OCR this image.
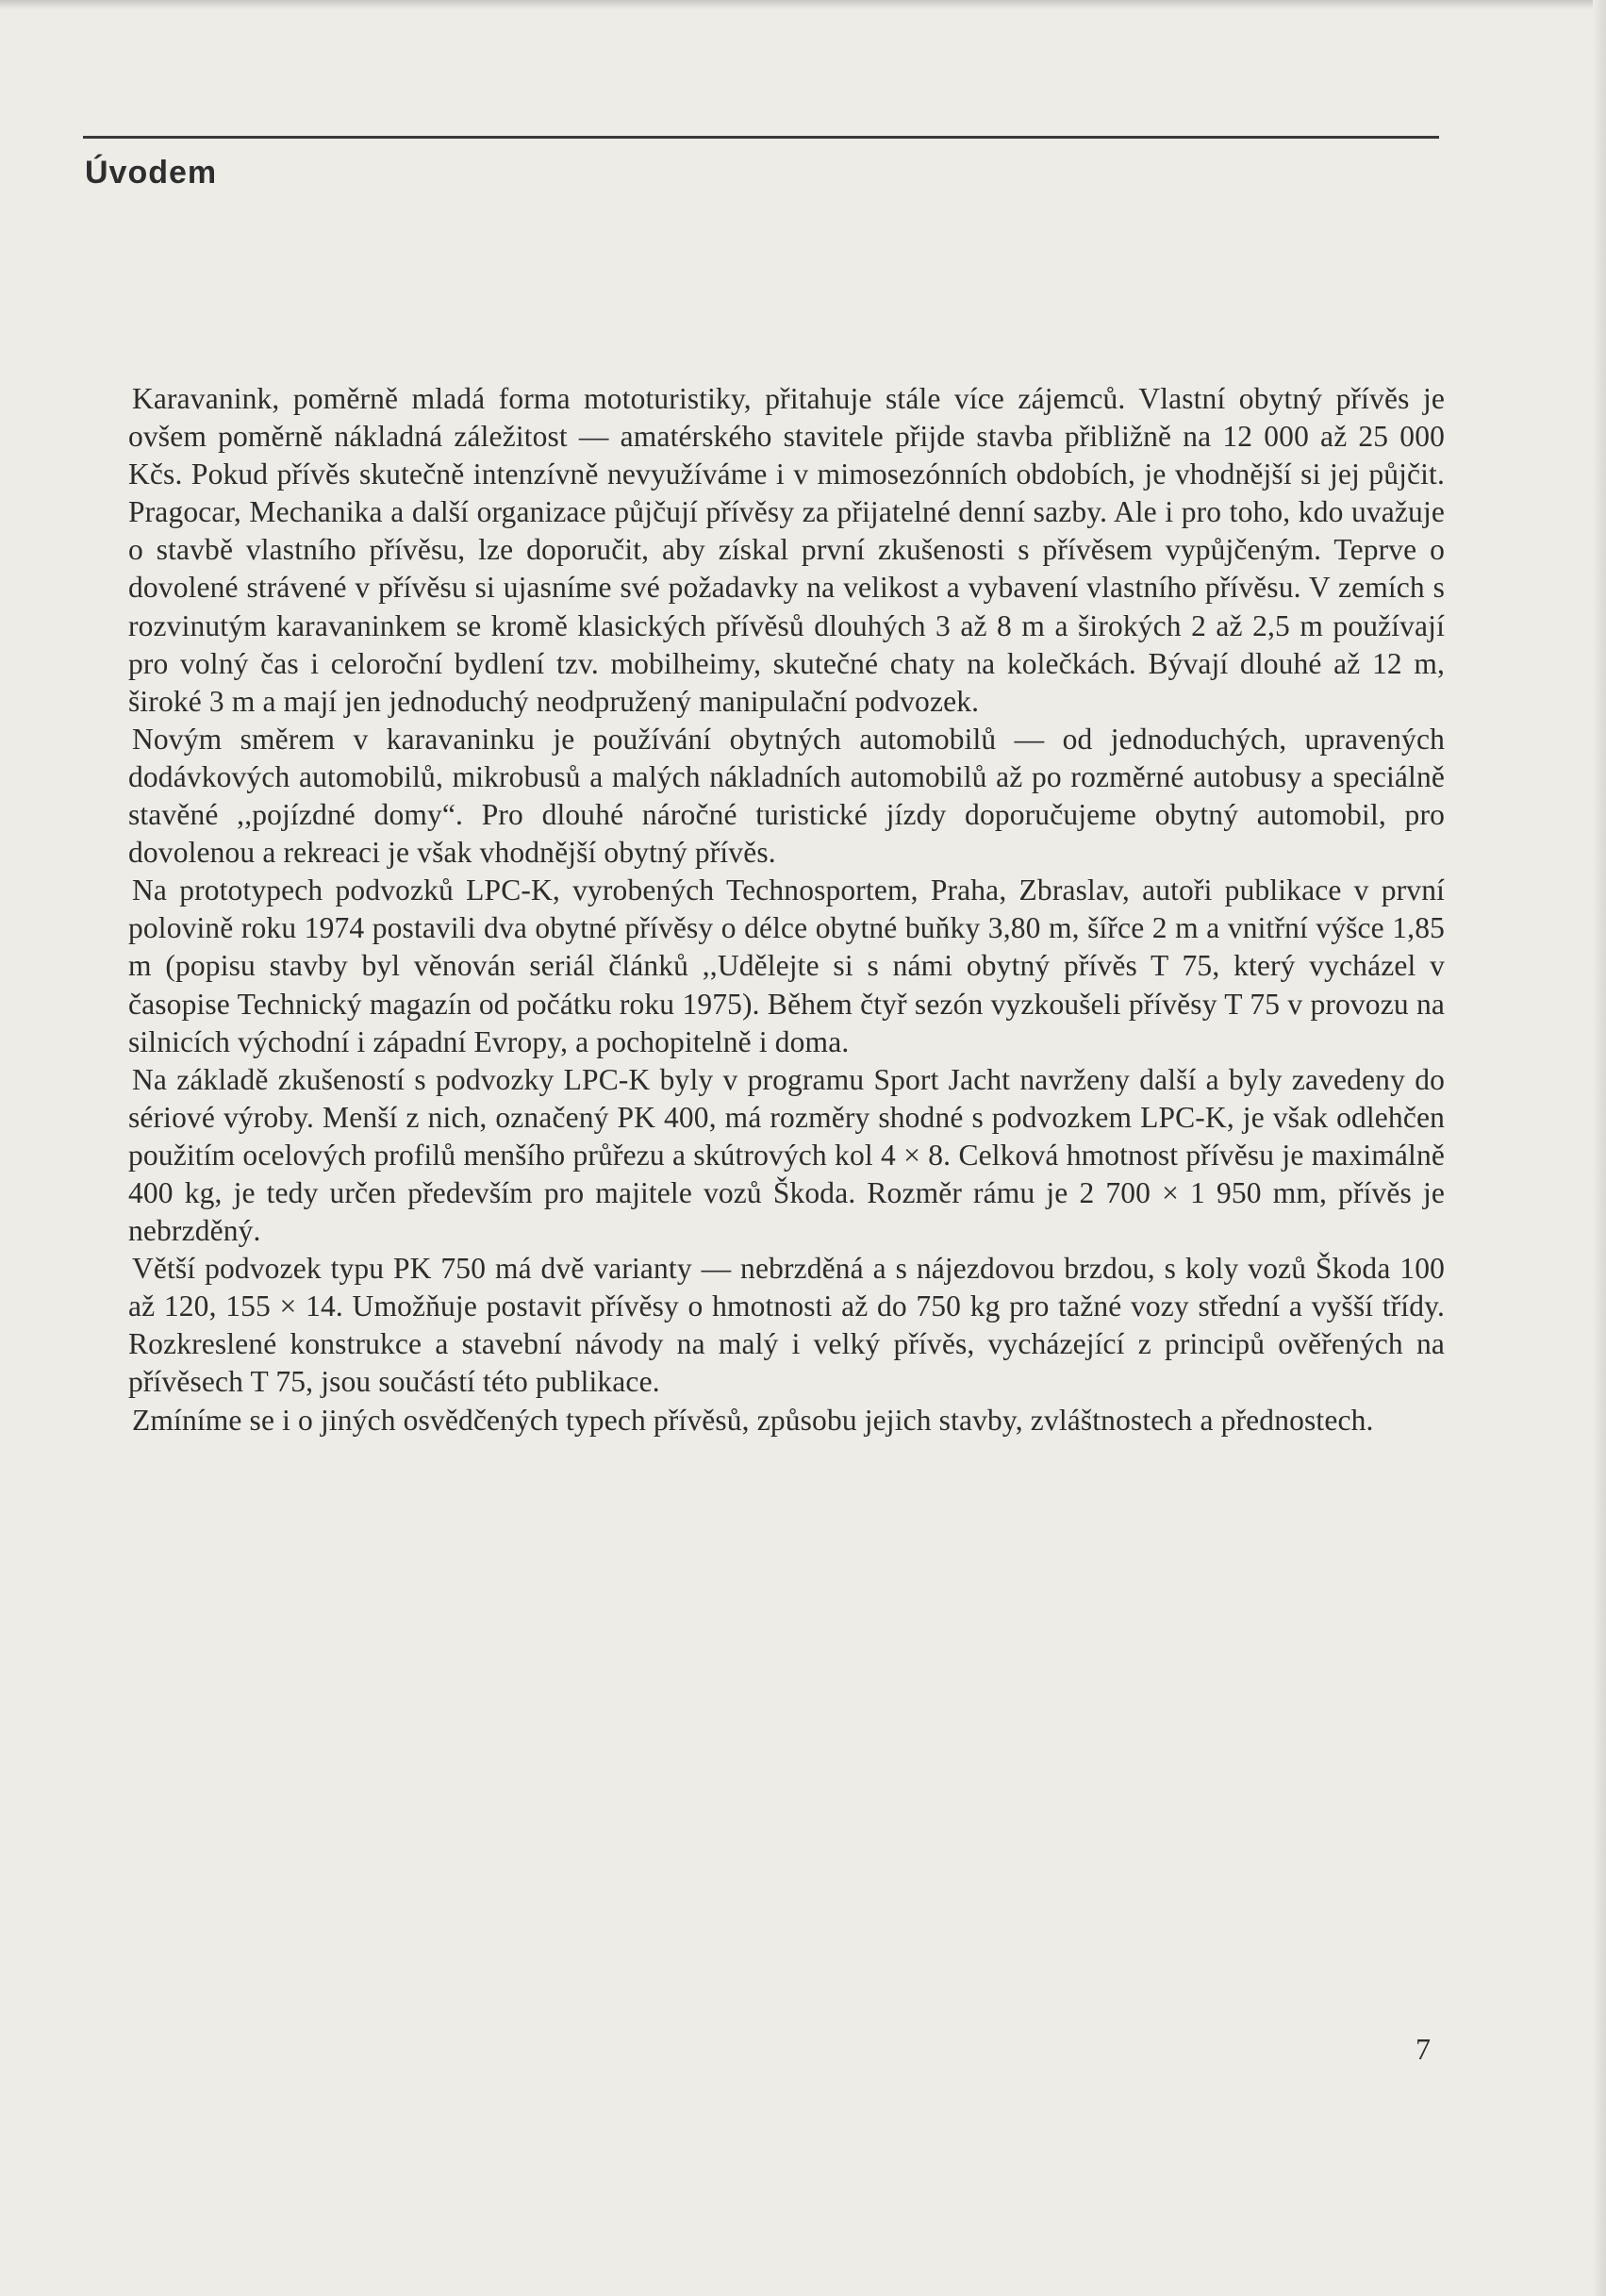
Úvodem

Karavanink, poměrně mladá forma mototuristiky, přitahuje stále více zájemců. Vlastní obytný přívěs je ovšem poměrně nákladná záležitost — amatérského stavitele přijde stavba přibližně na 12 000 až 25 000 Kčs. Pokud přívěs skutečně intenzívně nevyužíváme i v mimosezónních obdobích, je vhodnější si jej půjčit. Pragocar, Mechanika a další organizace půjčují přívěsy za přijatelné denní sazby. Ale i pro toho, kdo uvažuje o stavbě vlastního přívěsu, lze doporučit, aby získal první zkušenosti s přívěsem vypůjčeným. Teprve o dovolené strávené v přívěsu si ujasníme své požadavky na velikost a vybavení vlastního přívěsu. V zemích s rozvinutým karavaninkem se kromě klasických přívěsů dlouhých 3 až 8 m a širokých 2 až 2,5 m používají pro volný čas i celoroční bydlení tzv. mobilheimy, skutečné chaty na kolečkách. Bývají dlouhé až 12 m, široké 3 m a mají jen jednoduchý neodpružený manipulační podvozek.

Novým směrem v karavaninku je používání obytných automobilů — od jednoduchých, upravených dodávkových automobilů, mikrobusů a malých nákladních automobilů až po rozměrné autobusy a speciálně stavěné ,,pojízdné domy“. Pro dlouhé náročné turistické jízdy doporučujeme obytný automobil, pro dovolenou a rekreaci je však vhodnější obytný přívěs.

Na prototypech podvozků LPC-K, vyrobených Technosportem, Praha, Zbraslav, autoři publikace v první polovině roku 1974 postavili dva obytné přívěsy o délce obytné buňky 3,80 m, šířce 2 m a vnitřní výšce 1,85 m (popisu stavby byl věnován seriál článků ,,Udělejte si s námi obytný přívěs T 75, který vycházel v časopise Technický magazín od počátku roku 1975). Během čtyř sezón vyzkoušeli přívěsy T 75 v provozu na silnicích východní i západní Evropy, a pochopitelně i doma.

Na základě zkušeností s podvozky LPC-K byly v programu Sport Jacht navrženy další a byly zavedeny do sériové výroby. Menší z nich, označený PK 400, má rozměry shodné s podvozkem LPC-K, je však odlehčen použitím ocelových profilů menšího průřezu a skútrových kol 4 × 8. Celková hmotnost přívěsu je maximálně 400 kg, je tedy určen především pro majitele vozů Škoda. Rozměr rámu je 2 700 × 1 950 mm, přívěs je nebrzděný.

Větší podvozek typu PK 750 má dvě varianty — nebrzděná a s nájezdovou brzdou, s koly vozů Škoda 100 až 120, 155 × 14. Umožňuje postavit přívěsy o hmotnosti až do 750 kg pro tažné vozy střední a vyšší třídy. Rozkreslené konstrukce a stavební návody na malý i velký přívěs, vycházející z principů ověřených na přívěsech T 75, jsou součástí této publikace.

Zmíníme se i o jiných osvědčených typech přívěsů, způsobu jejich stavby, zvláštnostech a přednostech.

7
